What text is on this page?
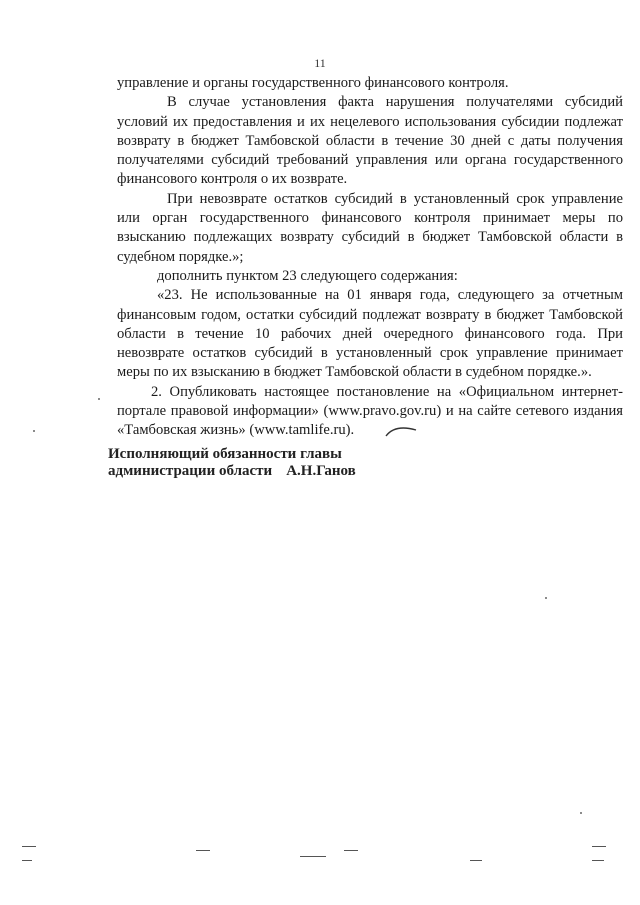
11

управление и органы государственного финансового контроля.

В случае установления факта нарушения получателями субсидий условий их предоставления и их нецелевого использования субсидии подлежат возврату в бюджет Тамбовской области в течение 30 дней с даты получения получателями субсидий требований управления или органа государственного финансового контроля о их возврате.

При невозврате остатков субсидий в установленный срок управление или орган государственного финансового контроля принимает меры по взысканию подлежащих возврату субсидий в бюджет Тамбовской области в судебном порядке.»;

дополнить пунктом 23 следующего содержания:

«23. Не использованные на 01 января года, следующего за отчетным финансовым годом, остатки субсидий подлежат возврату в бюджет Тамбовской области в течение 10 рабочих дней очередного финансового года. При невозврате остатков субсидий в установленный срок управление принимает меры по их взысканию в бюджет Тамбовской области в судебном порядке.».

2. Опубликовать настоящее постановление на «Официальном интернет-портале правовой информации» (www.pravo.gov.ru) и на сайте сетевого издания «Тамбовская жизнь» (www.tamlife.ru).

Исполняющий обязанности главы
администрации области А.Н.Ганов
